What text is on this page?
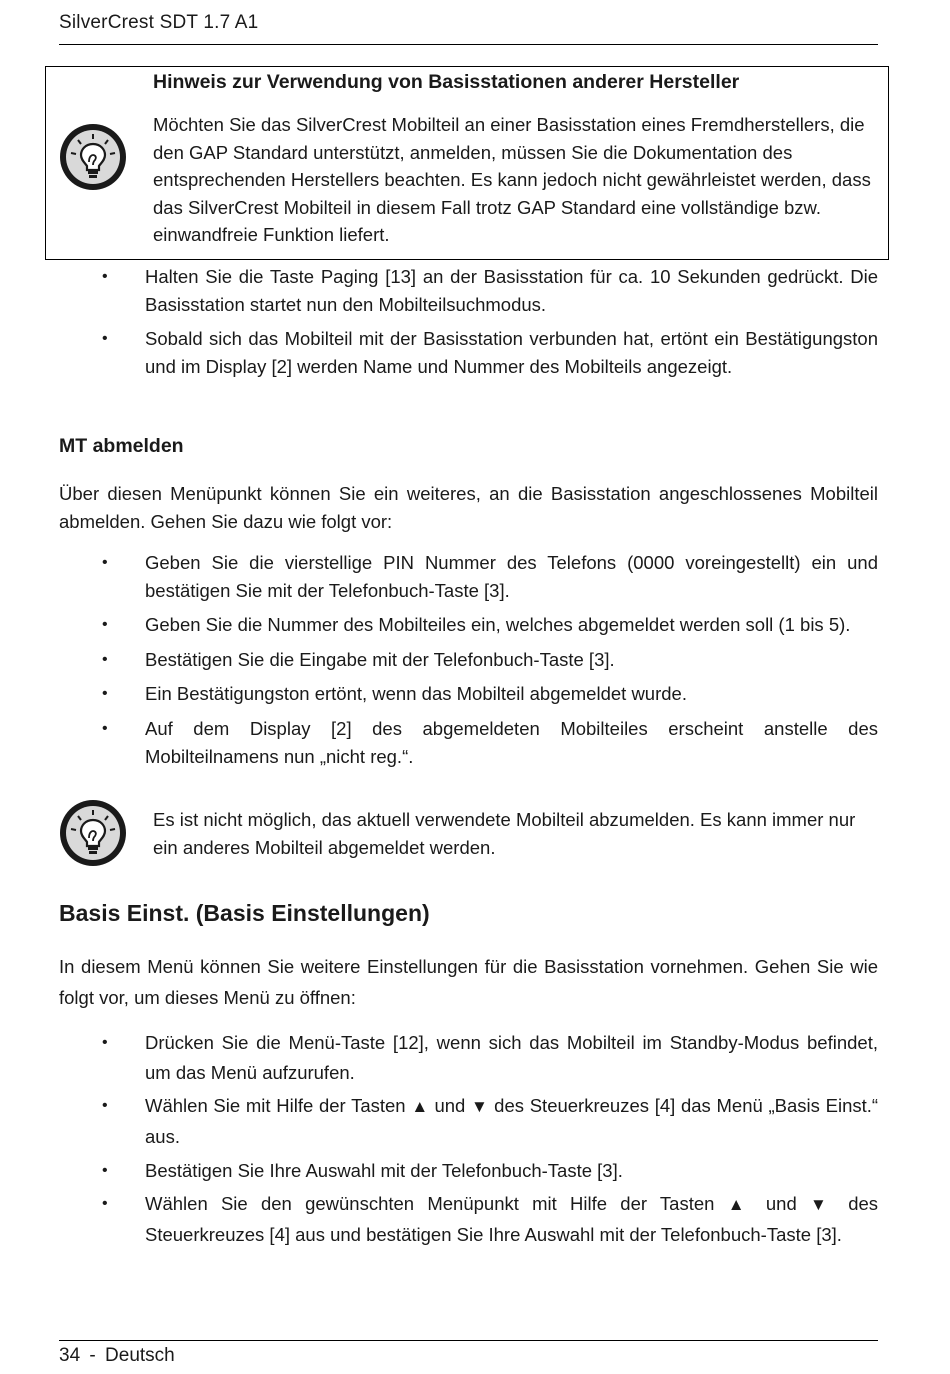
SilverCrest SDT 1.7 A1
Hinweis zur Verwendung von Basisstationen anderer Hersteller
Möchten Sie das SilverCrest Mobilteil an einer Basisstation eines Fremdherstellers, die
den GAP Standard unterstützt, anmelden, müssen Sie die Dokumentation des
entsprechenden Herstellers beachten. Es kann jedoch nicht gewährleistet werden, dass
das SilverCrest Mobilteil in diesem Fall trotz GAP Standard eine vollständige bzw.
einwandfreie Funktion liefert.
• Halten Sie die Taste Paging [13] an der Basisstation für ca. 10 Sekunden gedrückt. Die Basisstation startet nun den Mobilteilsuchmodus.
• Sobald sich das Mobilteil mit der Basisstation verbunden hat, ertönt ein Bestätigungston und im Display [2] werden Name und Nummer des Mobilteils angezeigt.
MT abmelden
Über diesen Menüpunkt können Sie ein weiteres, an die Basisstation angeschlossenes Mobilteil abmelden. Gehen Sie dazu wie folgt vor:
• Geben Sie die vierstellige PIN Nummer des Telefons (0000 voreingestellt) ein und bestätigen Sie mit der Telefonbuch-Taste [3].
• Geben Sie die Nummer des Mobilteiles ein, welches abgemeldet werden soll (1 bis 5).
• Bestätigen Sie die Eingabe mit der Telefonbuch-Taste [3].
• Ein Bestätigungston ertönt, wenn das Mobilteil abgemeldet wurde.
• Auf dem Display [2] des abgemeldeten Mobilteiles erscheint anstelle des Mobilteilnamens nun „nicht reg.“.
Es ist nicht möglich, das aktuell verwendete Mobilteil abzumelden. Es kann immer nur
ein anderes Mobilteil abgemeldet werden.
Basis Einst. (Basis Einstellungen)
In diesem Menü können Sie weitere Einstellungen für die Basisstation vornehmen. Gehen Sie wie folgt vor, um dieses Menü zu öffnen:
• Drücken Sie die Menü-Taste [12], wenn sich das Mobilteil im Standby-Modus befindet, um das Menü aufzurufen.
• Wählen Sie mit Hilfe der Tasten ▲ und ▼ des Steuerkreuzes [4] das Menü „Basis Einst.“ aus.
• Bestätigen Sie Ihre Auswahl mit der Telefonbuch-Taste [3].
• Wählen Sie den gewünschten Menüpunkt mit Hilfe der Tasten ▲ und ▼ des Steuerkreuzes [4] aus und bestätigen Sie Ihre Auswahl mit der Telefonbuch-Taste [3].
34 - Deutsch
